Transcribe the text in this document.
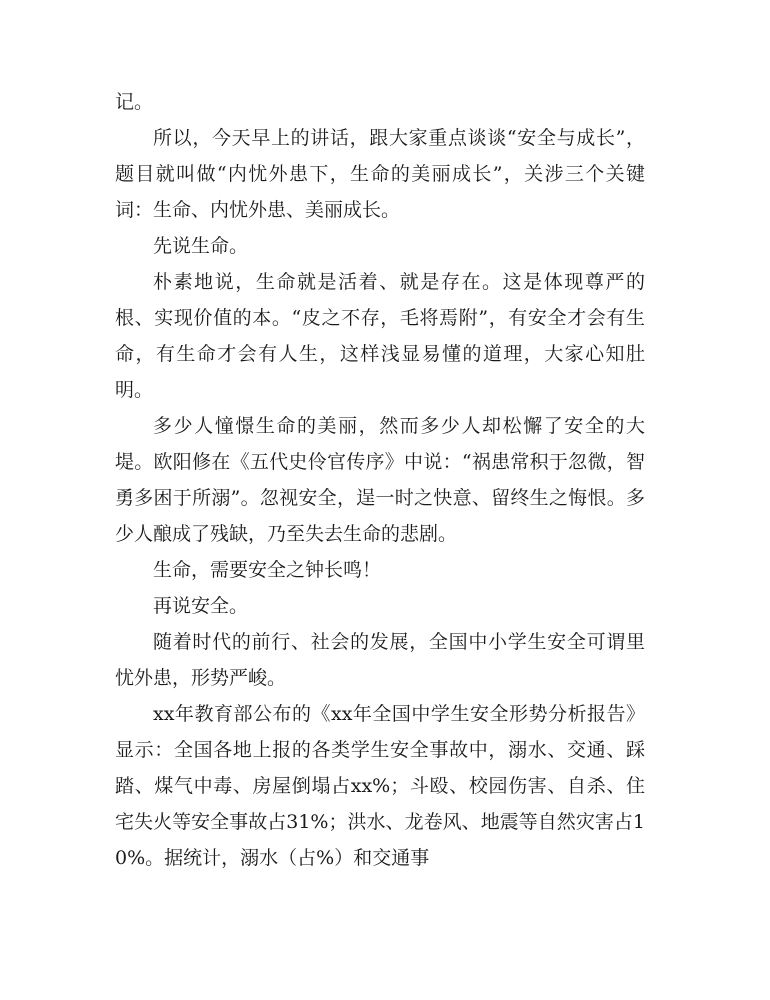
记。

所以，今天早上的讲话，跟大家重点谈谈“安全与成长”，题目就叫做“内忧外患下，生命的美丽成长”，关涉三个关键词：生命、内忧外患、美丽成长。

先说生命。

朴素地说，生命就是活着、就是存在。这是体现尊严的根、实现价值的本。“皮之不存，毛将焉附”，有安全才会有生命，有生命才会有人生，这样浅显易懂的道理，大家心知肚明。

多少人憧憬生命的美丽，然而多少人却松懈了安全的大堤。欧阳修在《五代史伶官传序》中说：“祸患常积于忽微，智勇多困于所溺”。忽视安全，逞一时之快意、留终生之悔恨。多少人酿成了残缺，乃至失去生命的悲剧。

生命，需要安全之钟长鸣！

再说安全。

随着时代的前行、社会的发展，全国中小学生安全可谓里忧外患，形势严峻。

xx年教育部公布的《xx年全国中学生安全形势分析报告》显示：全国各地上报的各类学生安全事故中，溺水、交通、踩踏、煤气中毒、房屋倒塌占xx%；斗殴、校园伤害、自杀、住宅失火等安全事故占31%；洪水、龙卷风、地震等自然灾害占10%。据统计，溺水（占%）和交通事
